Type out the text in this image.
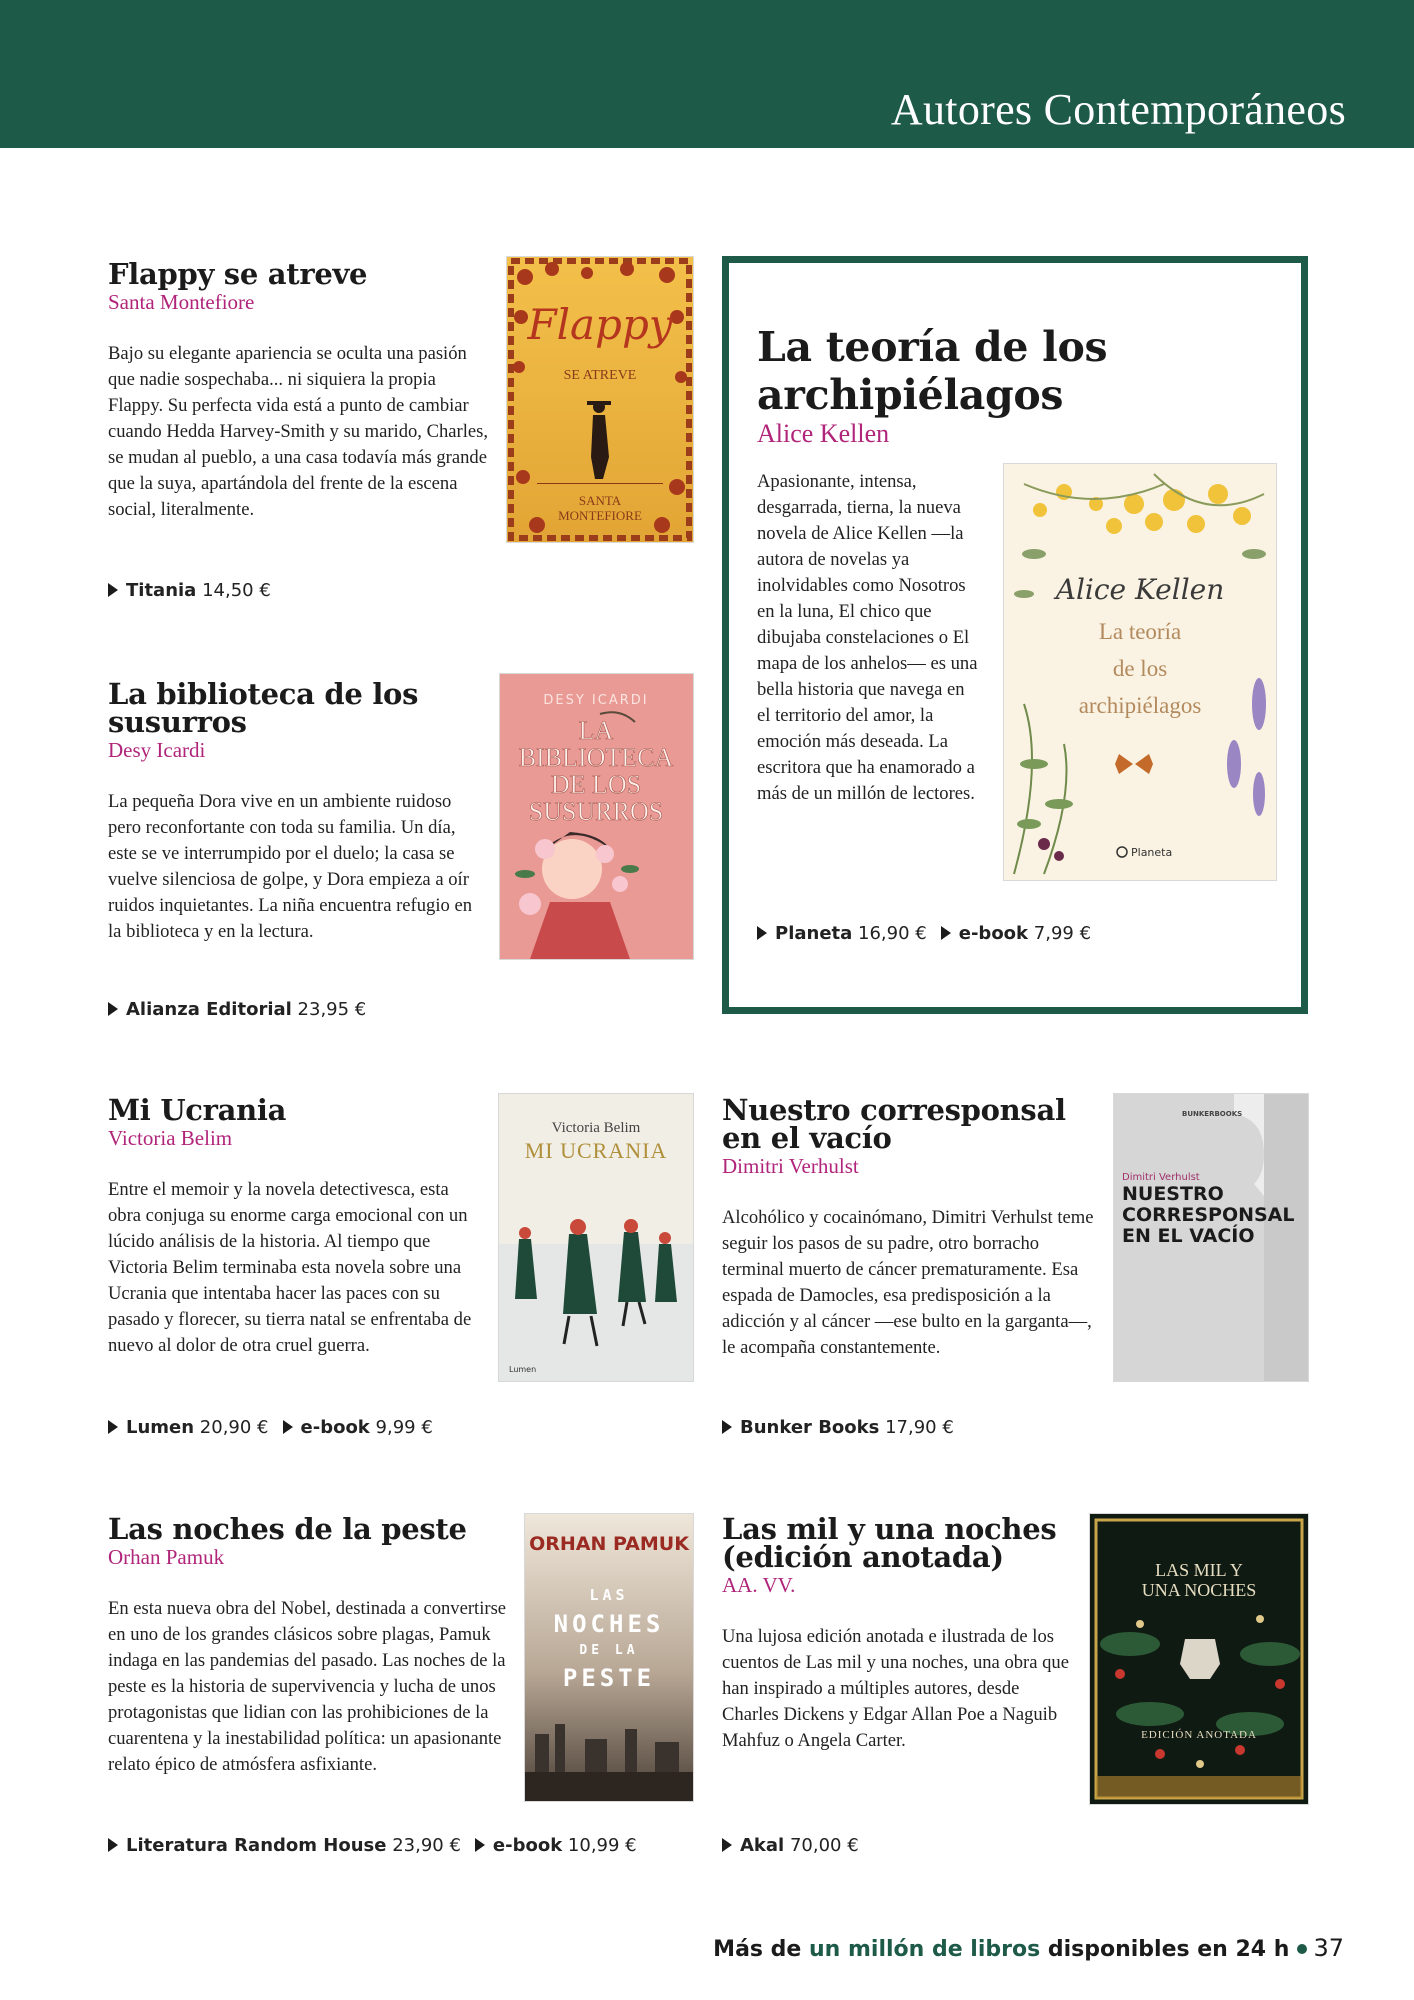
Autores Contemporáneos
Flappy se atreve
Santa Montefiore
Bajo su elegante apariencia se oculta una pasión que nadie sospechaba... ni siquiera la propia Flappy. Su perfecta vida está a punto de cambiar cuando Hedda Harvey-Smith y su marido, Charles, se mudan al pueblo, a una casa todavía más grande que la suya, apartándola del frente de la escena social, literalmente.
Titania 14,50 €
Flappy
SE ATREVE
SANTA MONTEFIORE
La biblioteca de los susurros
Desy Icardi
La pequeña Dora vive en un ambiente ruidoso pero reconfortante con toda su familia. Un día, este se ve interrumpido por el duelo; la casa se vuelve silenciosa de golpe, y Dora empieza a oír ruidos inquietantes. La niña encuentra refugio en la biblioteca y en la lectura.
Alianza Editorial 23,95 €
DESY ICARDI
LA
BIBLIOTECA
DE LOS
SUSURROS
La teoría de los archipiélagos
Alice Kellen
Apasionante, intensa, desgarrada, tierna, la nueva novela de Alice Kellen —la autora de novelas ya inolvidables como Nosotros en la luna, El chico que dibujaba constelaciones o El mapa de los anhelos— es una bella historia que navega en el territorio del amor, la emoción más deseada. La escritora que ha enamorado a más de un millón de lectores.
Planeta 16,90 € e-book 7,99 €
Alice Kellen
La teoría
de los
archipiélagos
Planeta
Mi Ucrania
Victoria Belim
Entre el memoir y la novela detectivesca, esta obra conjuga su enorme carga emocional con un lúcido análisis de la historia. Al tiempo que Victoria Belim terminaba esta novela sobre una Ucrania que intentaba hacer las paces con su pasado y florecer, su tierra natal se enfrentaba de nuevo al dolor de otra cruel guerra.
Lumen 20,90 € e-book 9,99 €
Victoria Belim
MI UCRANIA
Lumen
Nuestro corresponsal en el vacío
Dimitri Verhulst
Alcohólico y cocainómano, Dimitri Verhulst teme seguir los pasos de su padre, otro borracho terminal muerto de cáncer prematuramente. Esa espada de Damocles, esa predisposición a la adicción y al cáncer —ese bulto en la garganta—, le acompaña constantemente.
Bunker Books 17,90 €
BUNKERBOOKS
Dimitri Verhulst
NUESTRO
CORRESPONSAL
EN EL VACÍO
Las noches de la peste
Orhan Pamuk
En esta nueva obra del Nobel, destinada a convertirse en uno de los grandes clásicos sobre plagas, Pamuk indaga en las pandemias del pasado. Las noches de la peste es la historia de supervivencia y lucha de unos protagonistas que lidian con las prohibiciones de la cuarentena y la inestabilidad política: un apasionante relato épico de atmósfera asfixiante.
Literatura Random House 23,90 € e-book 10,99 €
ORHAN PAMUK
LAS
NOCHES
DE LA
PESTE
Las mil y una noches (edición anotada)
AA. VV.
Una lujosa edición anotada e ilustrada de los cuentos de Las mil y una noches, una obra que han inspirado a múltiples autores, desde Charles Dickens y Edgar Allan Poe a Naguib Mahfuz o Angela Carter.
Akal 70,00 €
LAS MIL Y
UNA NOCHES
EDICIÓN ANOTADA
Más de un millón de libros disponibles en 24 h 37
